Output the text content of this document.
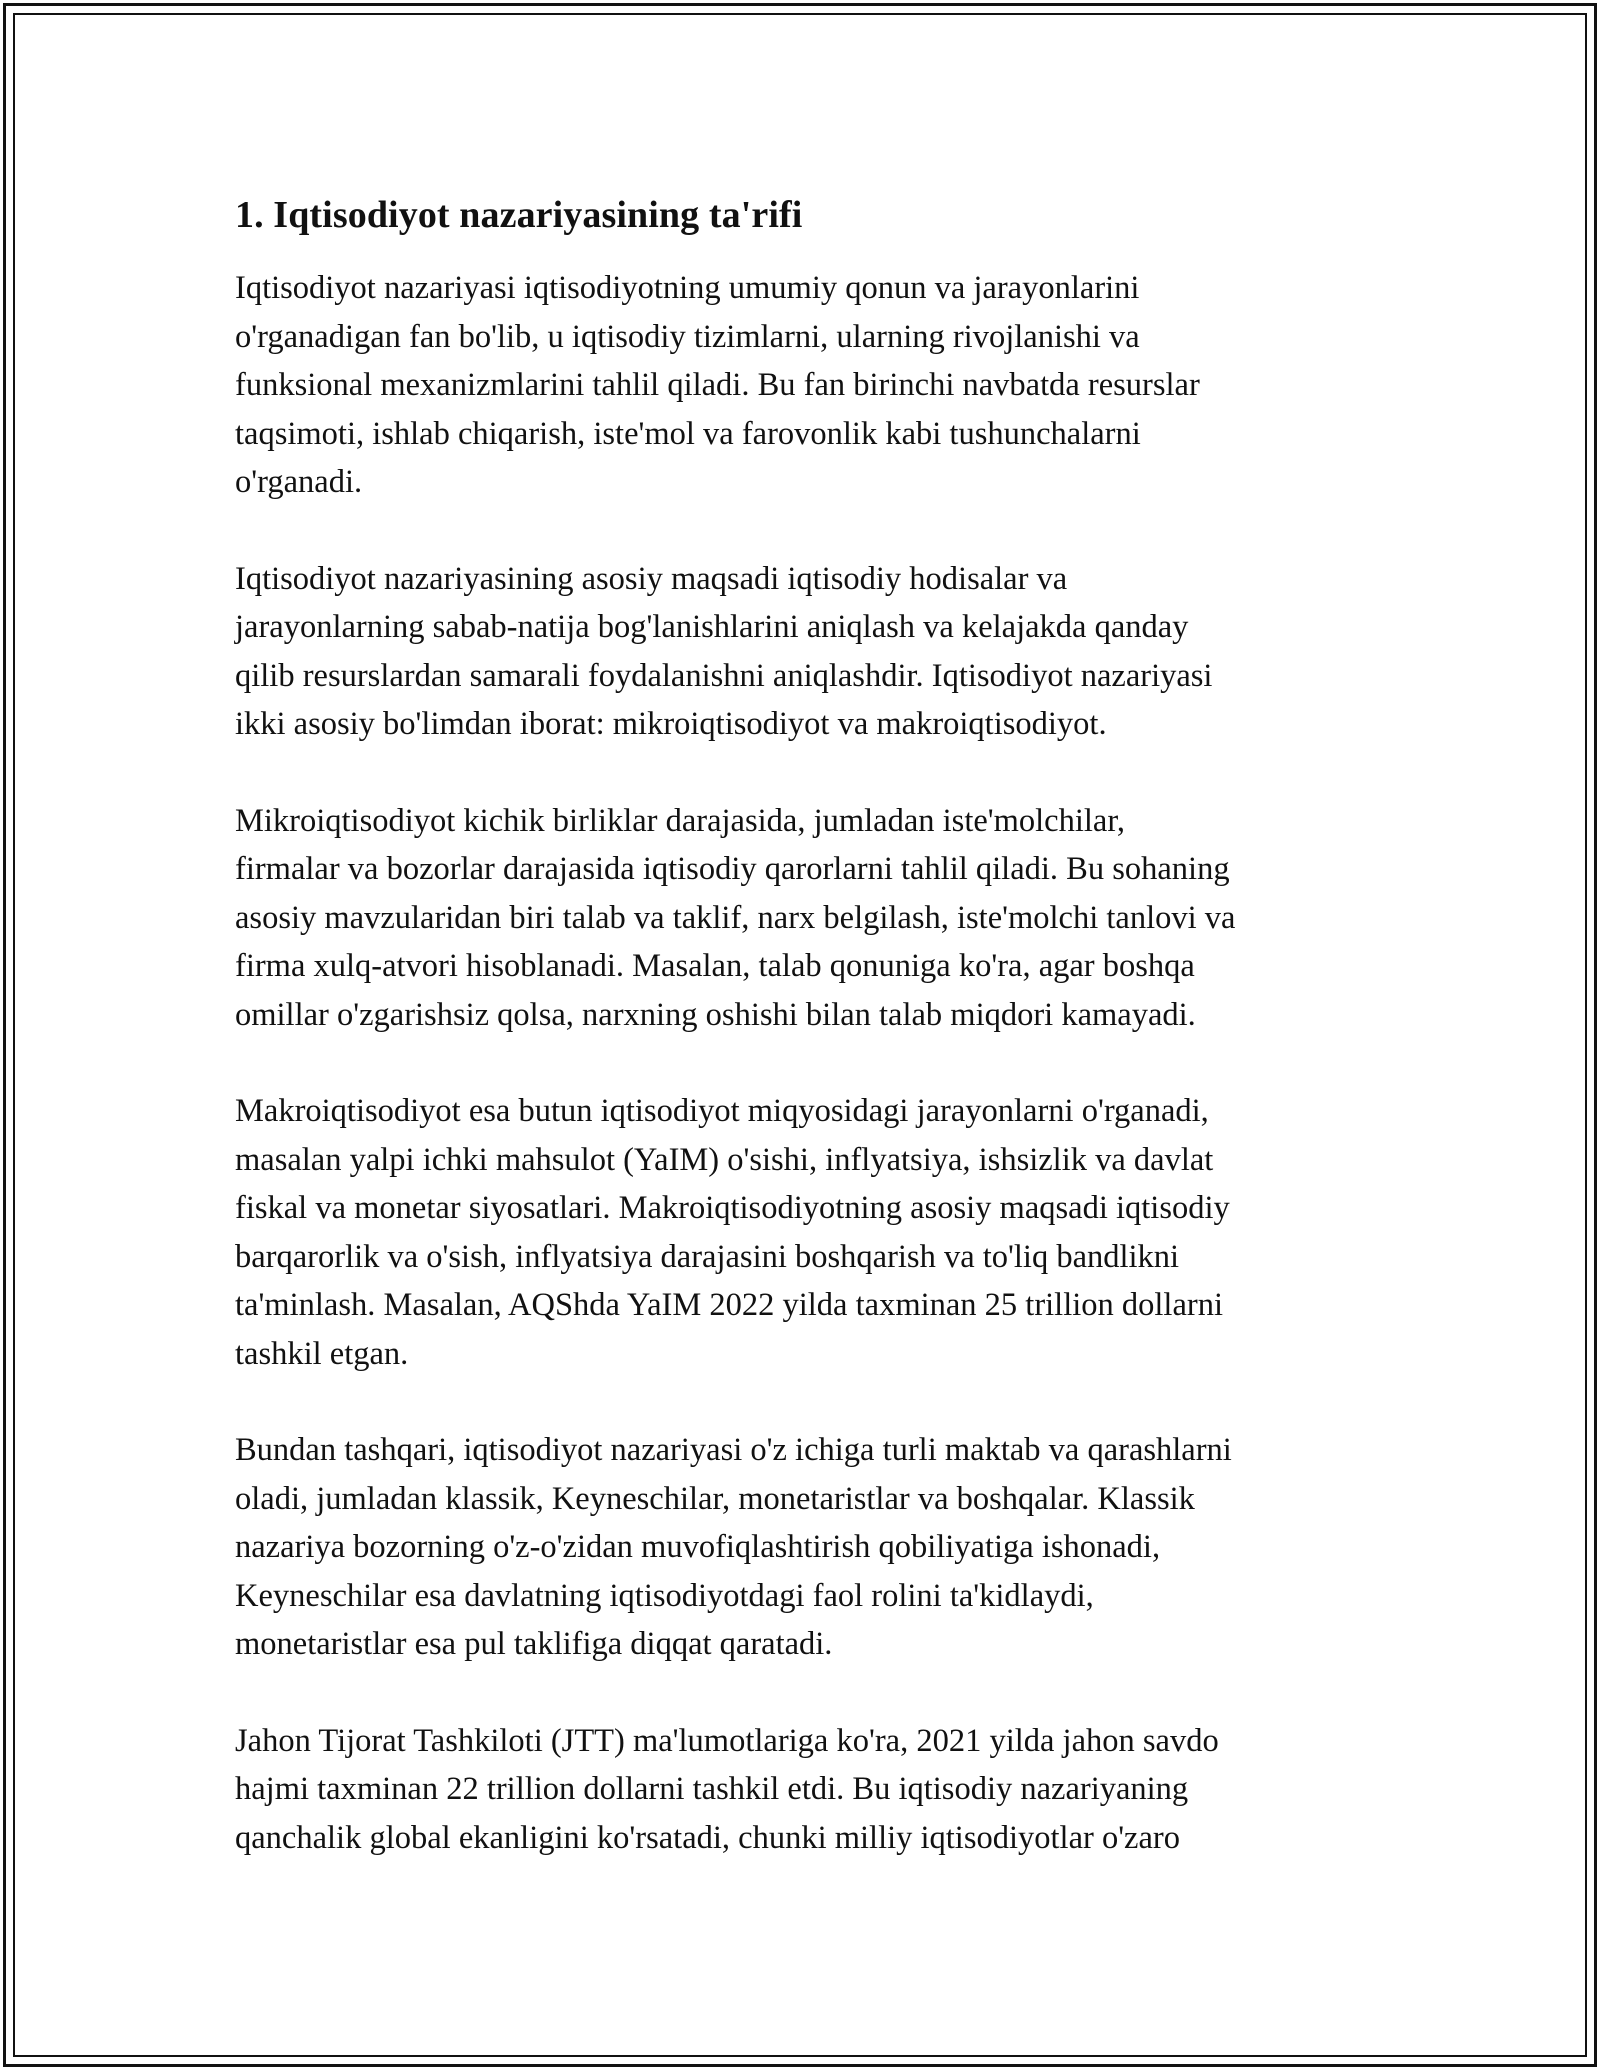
1. Iqtisodiyot nazariyasining ta'rifi
Iqtisodiyot nazariyasi iqtisodiyotning umumiy qonun va jarayonlarini
o'rganadigan fan bo'lib, u iqtisodiy tizimlarni, ularning rivojlanishi va
funksional mexanizmlarini tahlil qiladi. Bu fan birinchi navbatda resurslar
taqsimoti, ishlab chiqarish, iste'mol va farovonlik kabi tushunchalarni
o'rganadi.
Iqtisodiyot nazariyasining asosiy maqsadi iqtisodiy hodisalar va
jarayonlarning sabab-natija bog'lanishlarini aniqlash va kelajakda qanday
qilib resurslardan samarali foydalanishni aniqlashdir. Iqtisodiyot nazariyasi
ikki asosiy bo'limdan iborat: mikroiqtisodiyot va makroiqtisodiyot.
Mikroiqtisodiyot kichik birliklar darajasida, jumladan iste'molchilar,
firmalar va bozorlar darajasida iqtisodiy qarorlarni tahlil qiladi. Bu sohaning
asosiy mavzularidan biri talab va taklif, narx belgilash, iste'molchi tanlovi va
firma xulq-atvori hisoblanadi. Masalan, talab qonuniga ko'ra, agar boshqa
omillar o'zgarishsiz qolsa, narxning oshishi bilan talab miqdori kamayadi.
Makroiqtisodiyot esa butun iqtisodiyot miqyosidagi jarayonlarni o'rganadi,
masalan yalpi ichki mahsulot (YaIM) o'sishi, inflyatsiya, ishsizlik va davlat
fiskal va monetar siyosatlari. Makroiqtisodiyotning asosiy maqsadi iqtisodiy
barqarorlik va o'sish, inflyatsiya darajasini boshqarish va to'liq bandlikni
ta'minlash. Masalan, AQShda YaIM 2022 yilda taxminan 25 trillion dollarni
tashkil etgan.
Bundan tashqari, iqtisodiyot nazariyasi o'z ichiga turli maktab va qarashlarni
oladi, jumladan klassik, Keyneschilar, monetaristlar va boshqalar. Klassik
nazariya bozorning o'z-o'zidan muvofiqlashtirish qobiliyatiga ishonadi,
Keyneschilar esa davlatning iqtisodiyotdagi faol rolini ta'kidlaydi,
monetaristlar esa pul taklifiga diqqat qaratadi.
Jahon Tijorat Tashkiloti (JTT) ma'lumotlariga ko'ra, 2021 yilda jahon savdo
hajmi taxminan 22 trillion dollarni tashkil etdi. Bu iqtisodiy nazariyaning
qanchalik global ekanligini ko'rsatadi, chunki milliy iqtisodiyotlar o'zaro
